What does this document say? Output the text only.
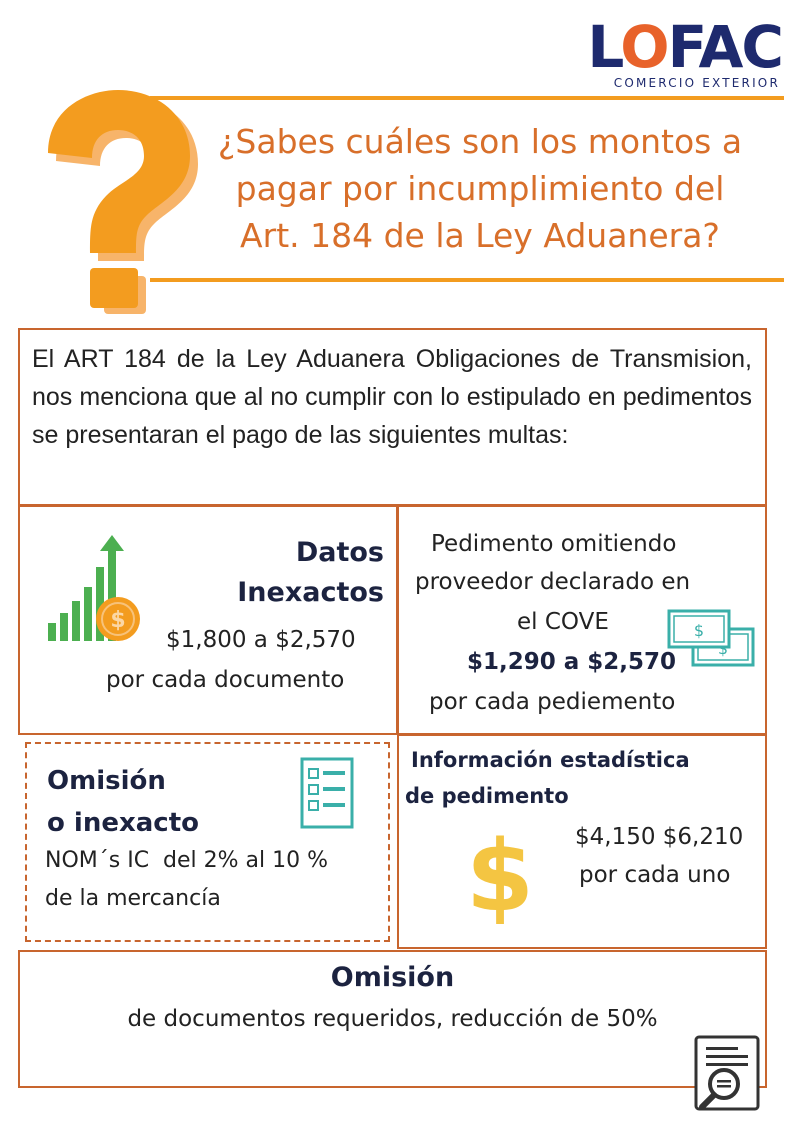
LOFAC
COMERCIO EXTERIOR
¿Sabes cuáles son los montos a
pagar por incumplimiento del
Art. 184 de la Ley Aduanera?
El ART 184 de la Ley Aduanera Obligaciones de Transmision, nos menciona que al no cumplir con lo estipulado en pedimentos se presentaran el pago de las siguientes multas:
$
Datos
Inexactos
$1,800 a $2,570
por cada documento
Pedimento omitiendo
proveedor declarado en
el COVE	$
$1,290 a $2,570
por cada pediemento
Omisión
o inexacto
NOM´s IC  del 2% al 10 %
de la mercancía
Información estadística
de pedimento
$ $4,150 $6,210
por cada uno
Omisión
de documentos requeridos, reducción de 50%
